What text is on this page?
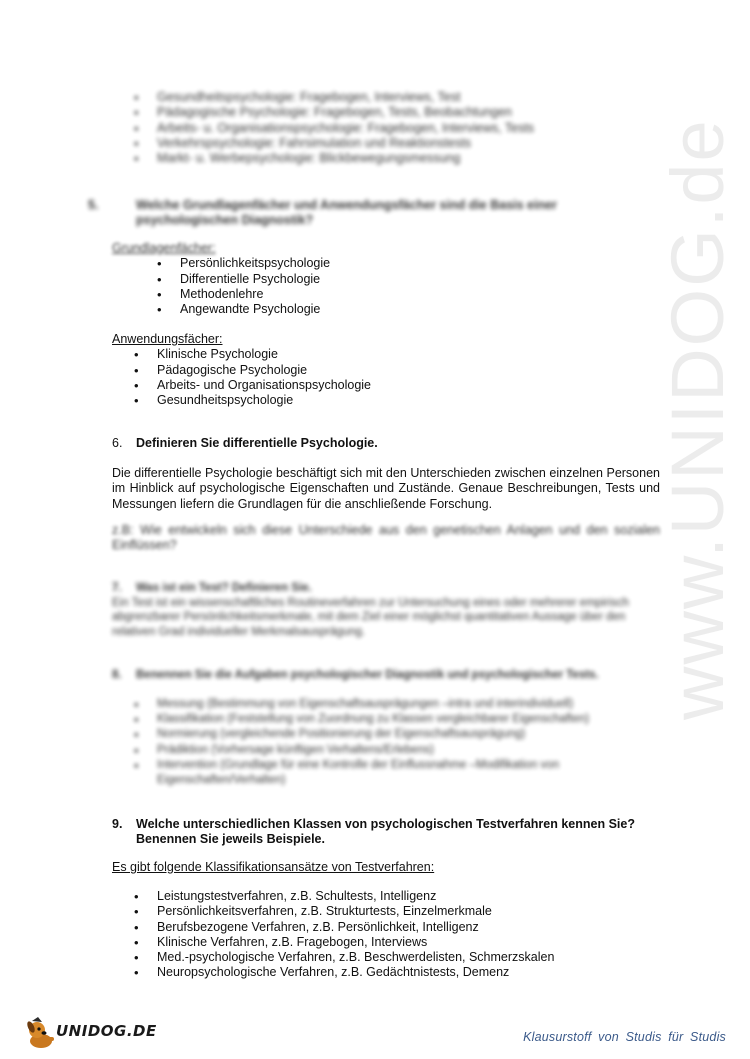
www.UNIDOG.de
• Gesundheitspsychologie: Fragebogen, Interviews, Test
• Pädagogische Psychologie: Fragebogen, Tests, Beobachtungen
• Arbeits- u. Organisationspsychologie: Fragebogen, Interviews, Tests
• Verkehrspsychologie: Fahrsimulation und Reaktionstests
• Markt- u. Werbepsychologie: Blickbewegungsmessung

5.	Welche Grundlagenfächer und Anwendungsfächer sind die Basis einer psychologischen Diagnostik?

Grundlagenfächer:

• Persönlichkeitspsychologie
• Differentielle Psychologie
• Methodenlehre
• Angewandte Psychologie

Anwendungsfächer:

• Klinische Psychologie
• Pädagogische Psychologie
• Arbeits- und Organisationspsychologie
• Gesundheitspsychologie

6. Definieren Sie differentielle Psychologie.

Die differentielle Psychologie beschäftigt sich mit den Unterschieden zwischen einzelnen Personen im Hinblick auf psychologische Eigenschaften und Zustände. Genaue Beschreibungen, Tests und Messungen liefern die Grundlagen für die anschließende Forschung.

z.B: Wie entwickeln sich diese Unterschiede aus den genetischen Anlagen und den sozialen Einflüssen?

7. Was ist ein Test? Definieren Sie.

Ein Test ist ein wissenschaftliches Routineverfahren zur Untersuchung eines oder mehrerer empirisch abgrenzbarer Persönlichkeitsmerkmale, mit dem Ziel einer möglichst quantitativen Aussage über den relativen Grad individueller Merkmalsausprägung.

8. Benennen Sie die Aufgaben psychologischer Diagnostik und psychologischer Tests.

• Messung (Bestimmung von Eigenschaftsausprägungen –intra und interindividuell)
• Klassifikation (Feststellung von Zuordnung zu Klassen vergleichbarer Eigenschaften)
• Normierung (vergleichende Positionierung der Eigenschaftsausprägung)
• Prädiktion (Vorhersage künftigen Verhaltens/Erlebens)
• Intervention (Grundlage für eine Kontrolle der Einflussnahme –Modifikation von Eigenschaften/Verhalten)

9. Welche unterschiedlichen Klassen von psychologischen Testverfahren kennen Sie?

Benennen Sie jeweils Beispiele.

Es gibt folgende Klassifikationsansätze von Testverfahren:

• Leistungstestverfahren, z.B. Schultests, Intelligenz
• Persönlichkeitsverfahren, z.B. Strukturtests, Einzelmerkmale
• Berufsbezogene Verfahren, z.B. Persönlichkeit, Intelligenz
• Klinische Verfahren, z.B. Fragebogen, Interviews
• Med.-psychologische Verfahren, z.B. Beschwerdelisten, Schmerzskalen
• Neuropsychologische Verfahren, z.B. Gedächtnistests, Demenz
UNIDOG.DE	Klausurstoff von Studis für Studis
